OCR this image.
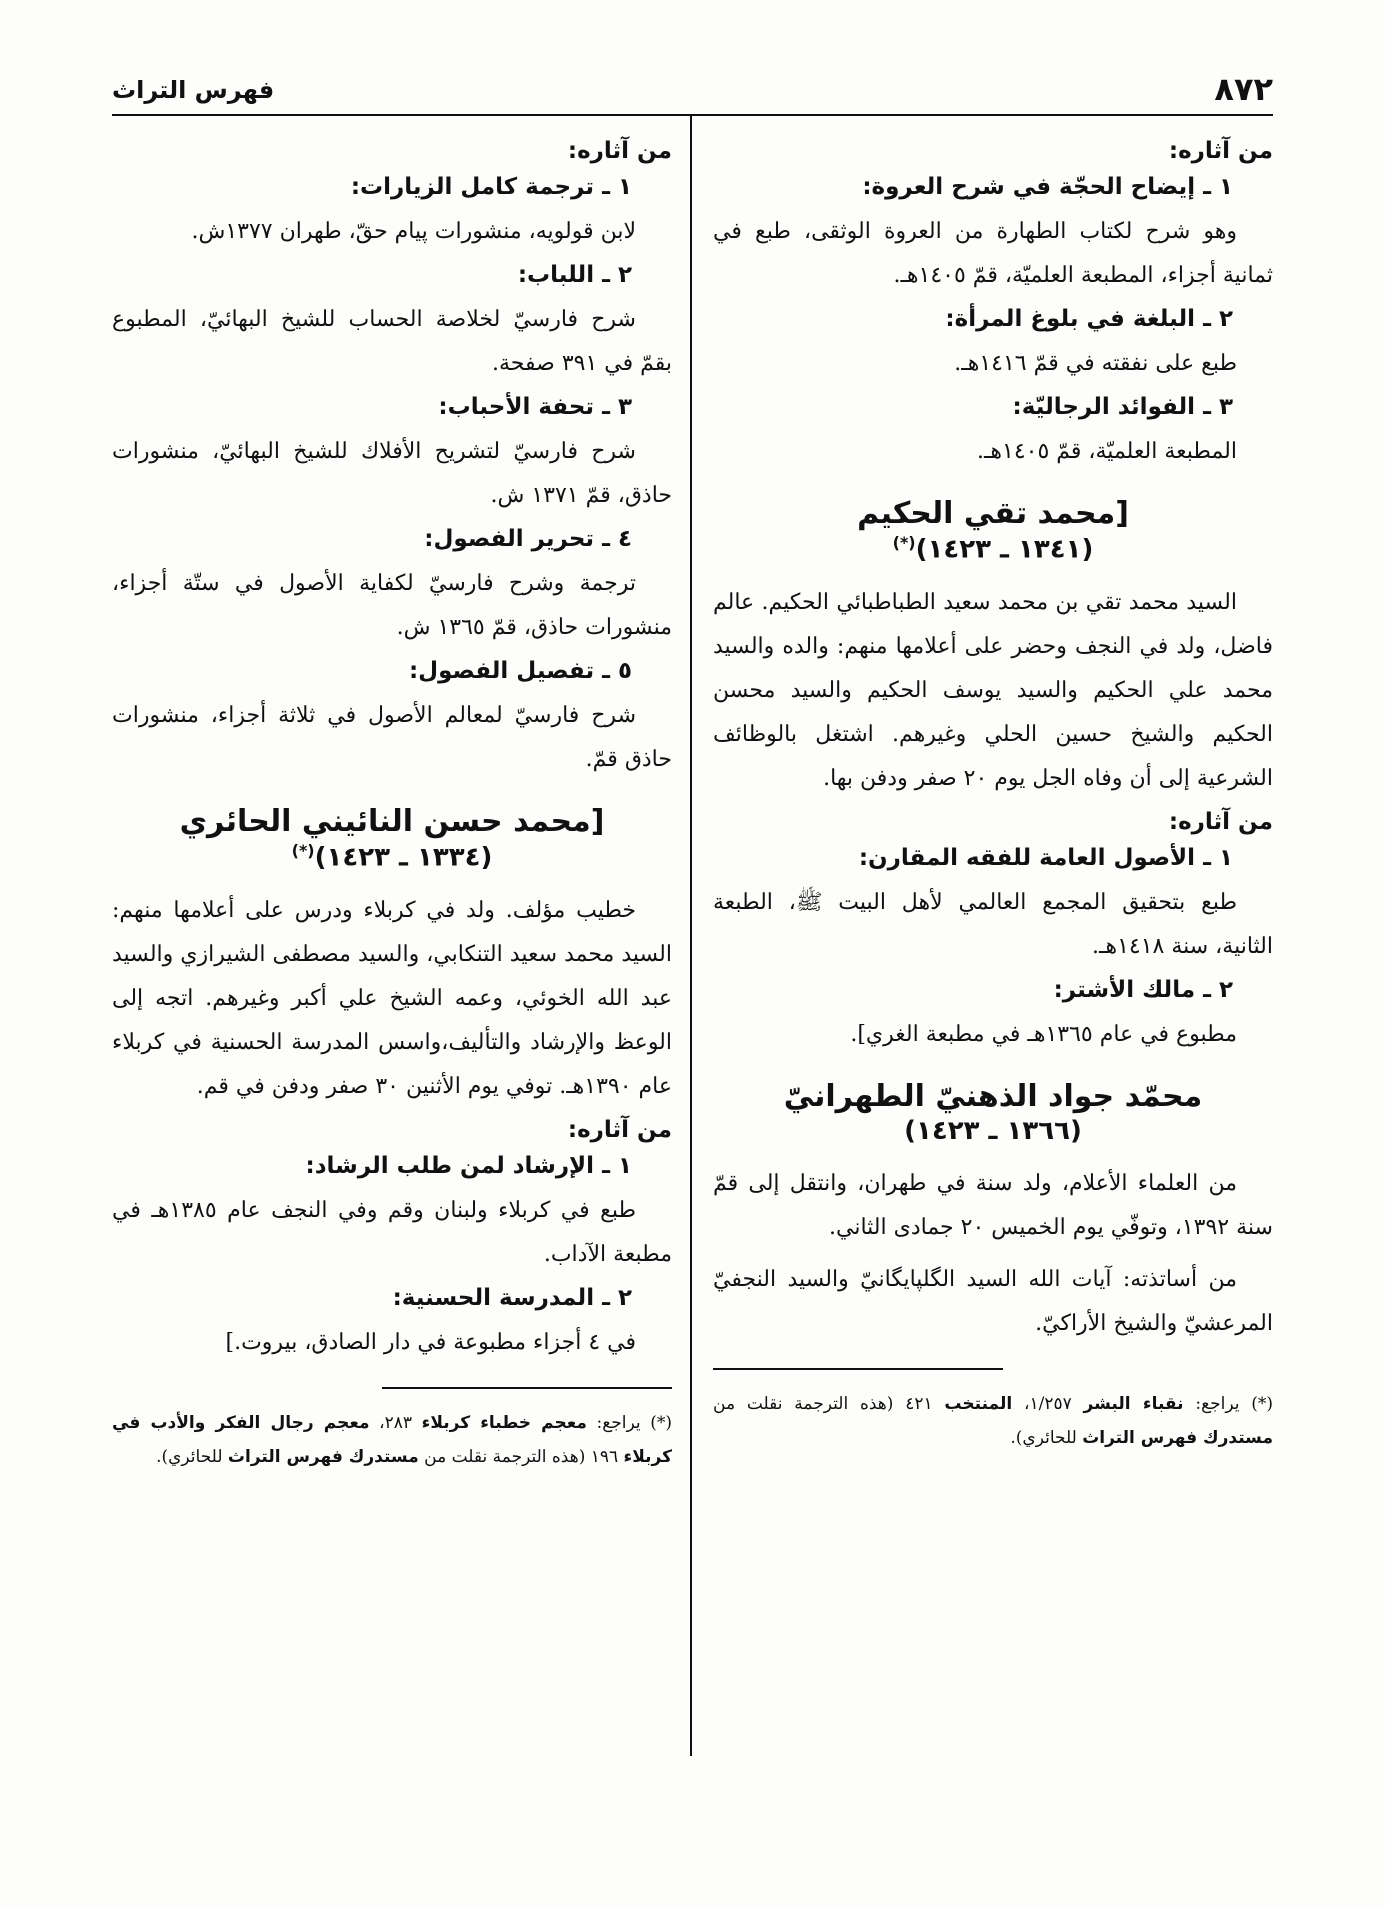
٨٧٢
فهرس التراث
من آثاره:
١ ـ إيضاح الحجّة في شرح العروة:

وهو شرح لكتاب الطهارة من العروة الوثقى، طبع في ثمانية أجزاء، المطبعة العلميّة، قمّ ١٤٠٥هـ.

٢ ـ البلغة في بلوغ المرأة:

طبع على نفقته في قمّ ١٤١٦هـ.

٣ ـ الفوائد الرجاليّة:

المطبعة العلميّة، قمّ ١٤٠٥هـ.

[محمد تقي الحكيم
(١٣٤١ ـ ١٤٢٣)(*)

السيد محمد تقي بن محمد سعيد الطباطبائي الحكيم. عالم فاضل، ولد في النجف وحضر على أعلامها منهم: والده والسيد محمد علي الحكيم والسيد يوسف الحكيم والسيد محسن الحكيم والشيخ حسين الحلي وغيرهم. اشتغل بالوظائف الشرعية إلى أن وفاه الجل يوم ٢٠ صفر ودفن بها.

من آثاره:
١ ـ الأصول العامة للفقه المقارن:

طبع بتحقيق المجمع العالمي لأهل البيت ﷺ، الطبعة الثانية، سنة ١٤١٨هـ.

٢ ـ مالك الأشتر:

مطبوع في عام ١٣٦٥هـ في مطبعة الغري].

محمّد جواد الذهنيّ الطهرانيّ
(١٣٦٦ ـ ١٤٢٣)

من العلماء الأعلام، ولد سنة في طهران، وانتقل إلى قمّ سنة ١٣٩٢، وتوفّي يوم الخميس ٢٠ جمادى الثاني.

من أساتذته: آيات الله السيد الگلپايگانيّ والسيد النجفيّ المرعشيّ والشيخ الأراكيّ.

(*) يراجع: نقباء البشر ١/٢٥٧، المنتخب ٤٢١ (هذه الترجمة نقلت من مستدرك فهرس التراث للحائري).

من آثاره:
١ ـ ترجمة كامل الزيارات:

لابن قولويه، منشورات پيام حقّ، طهران ١٣٧٧ش.

٢ ـ اللباب:

شرح فارسيّ لخلاصة الحساب للشيخ البهائيّ، المطبوع بقمّ في ٣٩١ صفحة.

٣ ـ تحفة الأحباب:

شرح فارسيّ لتشريح الأفلاك للشيخ البهائيّ، منشورات حاذق، قمّ ١٣٧١ ش.

٤ ـ تحرير الفصول:

ترجمة وشرح فارسيّ لكفاية الأصول في ستّة أجزاء، منشورات حاذق، قمّ ١٣٦٥ ش.

٥ ـ تفصيل الفصول:

شرح فارسيّ لمعالم الأصول في ثلاثة أجزاء، منشورات حاذق قمّ.

[محمد حسن النائيني الحائري
(١٣٣٤ ـ ١٤٢٣)(*)

خطيب مؤلف. ولد في كربلاء ودرس على أعلامها منهم: السيد محمد سعيد التنكابي، والسيد مصطفى الشيرازي والسيد عبد الله الخوئي، وعمه الشيخ علي أكبر وغيرهم. اتجه إلى الوعظ والإرشاد والتأليف،واسس المدرسة الحسنية في كربلاء عام ١٣٩٠هـ. توفي يوم الأثنين ٣٠ صفر ودفن في قم.

من آثاره:
١ ـ الإرشاد لمن طلب الرشاد:

طبع في كربلاء ولبنان وقم وفي النجف عام ١٣٨٥هـ في مطبعة الآداب.

٢ ـ المدرسة الحسنية:

في ٤ أجزاء مطبوعة في دار الصادق، بيروت.]

(*) يراجع: معجم خطباء كربلاء ٢٨٣، معجم رجال الفكر والأدب في كربلاء ١٩٦ (هذه الترجمة نقلت من مستدرك فهرس التراث للحائري).
